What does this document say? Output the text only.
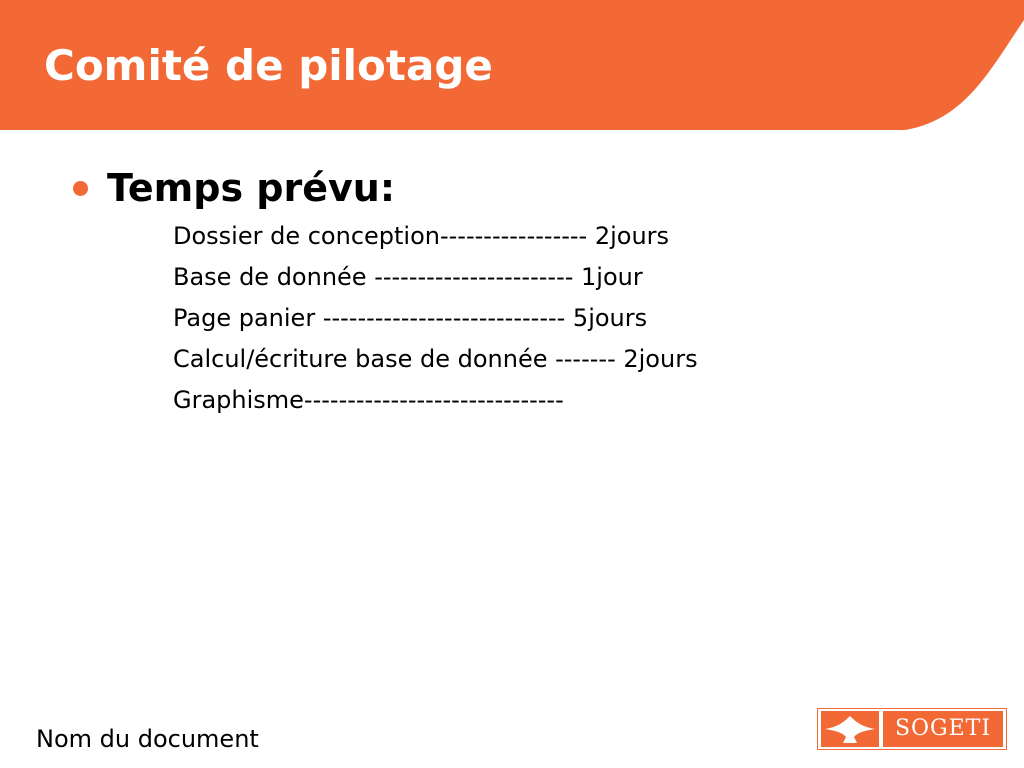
Comité de pilotage
Temps prévu:
Dossier de conception----------------- 2jours
Base de donnée ----------------------- 1jour
Page panier ---------------------------- 5jours
Calcul/écriture base de donnée ------- 2jours
Graphisme------------------------------
Nom du document	SOGETI
